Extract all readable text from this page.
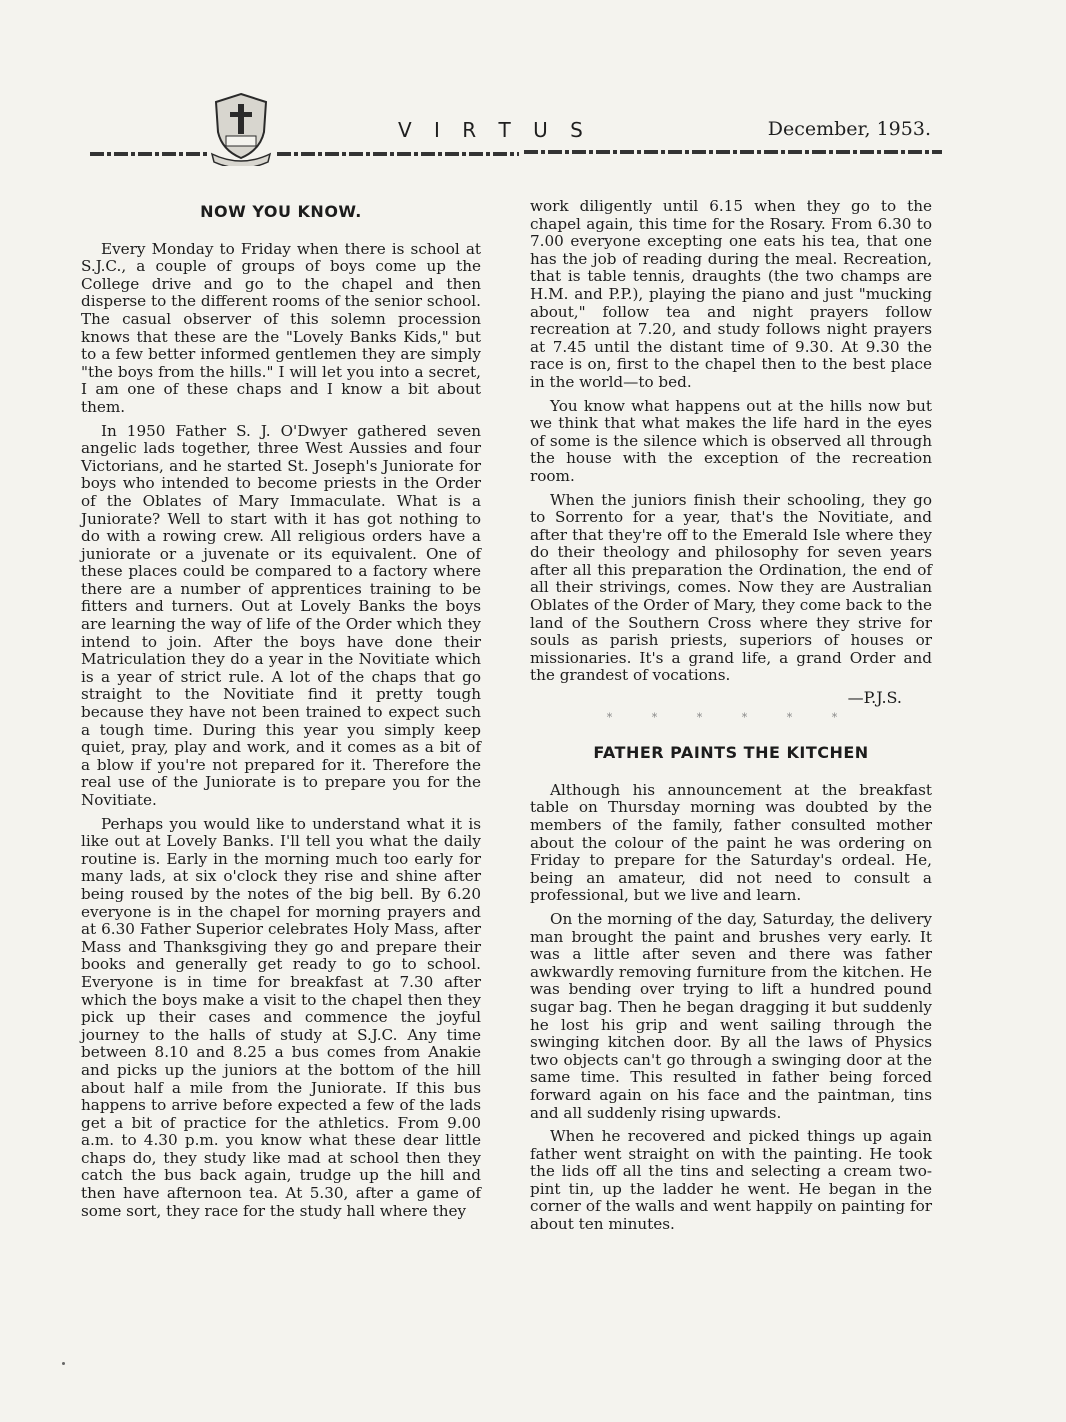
V I R T U S	December, 1953.
NOW YOU KNOW.

Every Monday to Friday when there is school at S.J.C., a couple of groups of boys come up the College drive and go to the chapel and then disperse to the different rooms of the senior school. The casual observer of this solemn procession knows that these are the "Lovely Banks Kids," but to a few better informed gentlemen they are simply "the boys from the hills." I will let you into a secret, I am one of these chaps and I know a bit about them.

In 1950 Father S. J. O'Dwyer gathered seven angelic lads together, three West Aussies and four Victorians, and he started St. Joseph's Juniorate for boys who intended to become priests in the Order of the Oblates of Mary Immaculate. What is a Juniorate? Well to start with it has got nothing to do with a rowing crew. All religious orders have a juniorate or a juvenate or its equivalent. One of these places could be compared to a factory where there are a number of apprentices training to be fitters and turners. Out at Lovely Banks the boys are learning the way of life of the Order which they intend to join. After the boys have done their Matriculation they do a year in the Novitiate which is a year of strict rule. A lot of the chaps that go straight to the Novitiate find it pretty tough because they have not been trained to expect such a tough time. During this year you simply keep quiet, pray, play and work, and it comes as a bit of a blow if you're not prepared for it. Therefore the real use of the Juniorate is to prepare you for the Novitiate.

Perhaps you would like to understand what it is like out at Lovely Banks. I'll tell you what the daily routine is. Early in the morning much too early for many lads, at six o'clock they rise and shine after being roused by the notes of the big bell. By 6.20 everyone is in the chapel for morning prayers and at 6.30 Father Superior celebrates Holy Mass, after Mass and Thanksgiving they go and prepare their books and generally get ready to go to school. Everyone is in time for breakfast at 7.30 after which the boys make a visit to the chapel then they pick up their cases and commence the joyful journey to the halls of study at S.J.C. Any time between 8.10 and 8.25 a bus comes from Anakie and picks up the juniors at the bottom of the hill about half a mile from the Juniorate. If this bus happens to arrive before expected a few of the lads get a bit of practice for the athletics. From 9.00 a.m. to 4.30 p.m. you know what these dear little chaps do, they study like mad at school then they catch the bus back again, trudge up the hill and then have afternoon tea. At 5.30, after a game of some sort, they race for the study hall where they

work diligently until 6.15 when they go to the chapel again, this time for the Rosary. From 6.30 to 7.00 everyone excepting one eats his tea, that one has the job of reading during the meal. Recreation, that is table tennis, draughts (the two champs are H.M. and P.P.), playing the piano and just "mucking about," follow tea and night prayers follow recreation at 7.20, and study follows night prayers at 7.45 until the distant time of 9.30. At 9.30 the race is on, first to the chapel then to the best place in the world—to bed.

You know what happens out at the hills now but we think that what makes the life hard in the eyes of some is the silence which is observed all through the house with the exception of the recreation room.

When the juniors finish their schooling, they go to Sorrento for a year, that's the Novitiate, and after that they're off to the Emerald Isle where they do their theology and philosophy for seven years after all this preparation the Ordination, the end of all their strivings, comes. Now they are Australian Oblates of the Order of Mary, they come back to the land of the Southern Cross where they strive for souls as parish priests, superiors of houses or missionaries. It's a grand life, a grand Order and the grandest of vocations.

—P.J.S.
* * * * * *
FATHER PAINTS THE KITCHEN

Although his announcement at the breakfast table on Thursday morning was doubted by the members of the family, father consulted mother about the colour of the paint he was ordering on Friday to prepare for the Saturday's ordeal. He, being an amateur, did not need to consult a professional, but we live and learn.

On the morning of the day, Saturday, the delivery man brought the paint and brushes very early. It was a little after seven and there was father awkwardly removing furniture from the kitchen. He was bending over trying to lift a hundred pound sugar bag. Then he began dragging it but suddenly he lost his grip and went sailing through the swinging kitchen door. By all the laws of Physics two objects can't go through a swinging door at the same time. This resulted in father being forced forward again on his face and the paintman, tins and all suddenly rising upwards.

When he recovered and picked things up again father went straight on with the painting. He took the lids off all the tins and selecting a cream two-pint tin, up the ladder he went. He began in the corner of the walls and went happily on painting for about ten minutes.
